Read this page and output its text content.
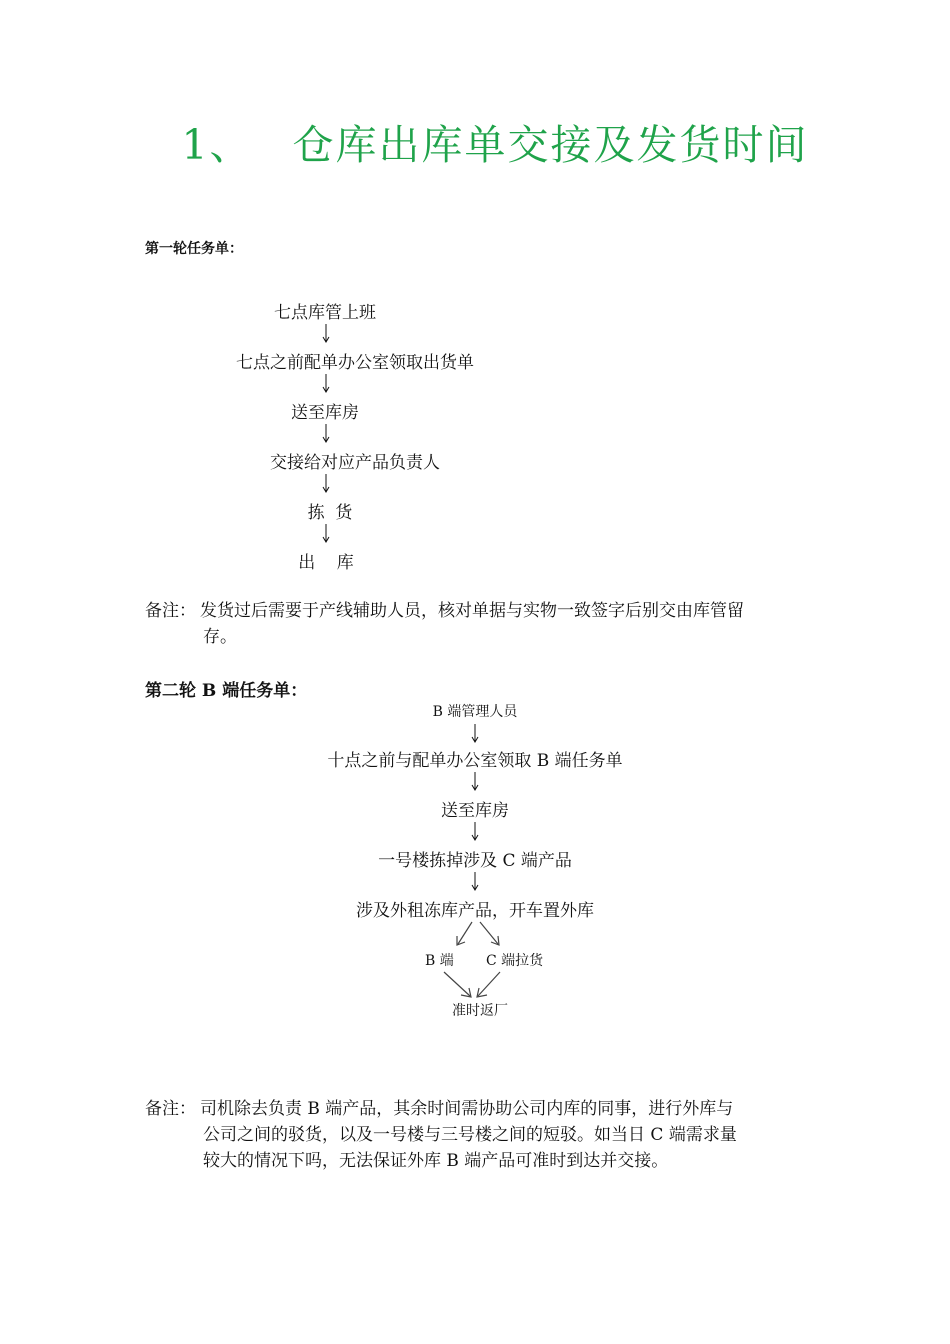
1、 仓库出库单交接及发货时间
第一轮任务单：
七点库管上班
七点之前配单办公室领取出货单
送至库房
交接给对应产品负责人
拣  货
出    库
备注： 发货过后需要于产线辅助人员，核对单据与实物一致签字后别交由库管留
存。
第二轮 B 端任务单：
B 端管理人员
十点之前与配单办公室领取 B 端任务单
送至库房
一号楼拣掉涉及 C 端产品
涉及外租冻库产品，开车置外库
B 端 C 端拉货
准时返厂
备注： 司机除去负责 B 端产品，其余时间需协助公司内库的同事，进行外库与
公司之间的驳货，以及一号楼与三号楼之间的短驳。如当日 C 端需求量
较大的情况下吗，无法保证外库 B 端产品可准时到达并交接。
